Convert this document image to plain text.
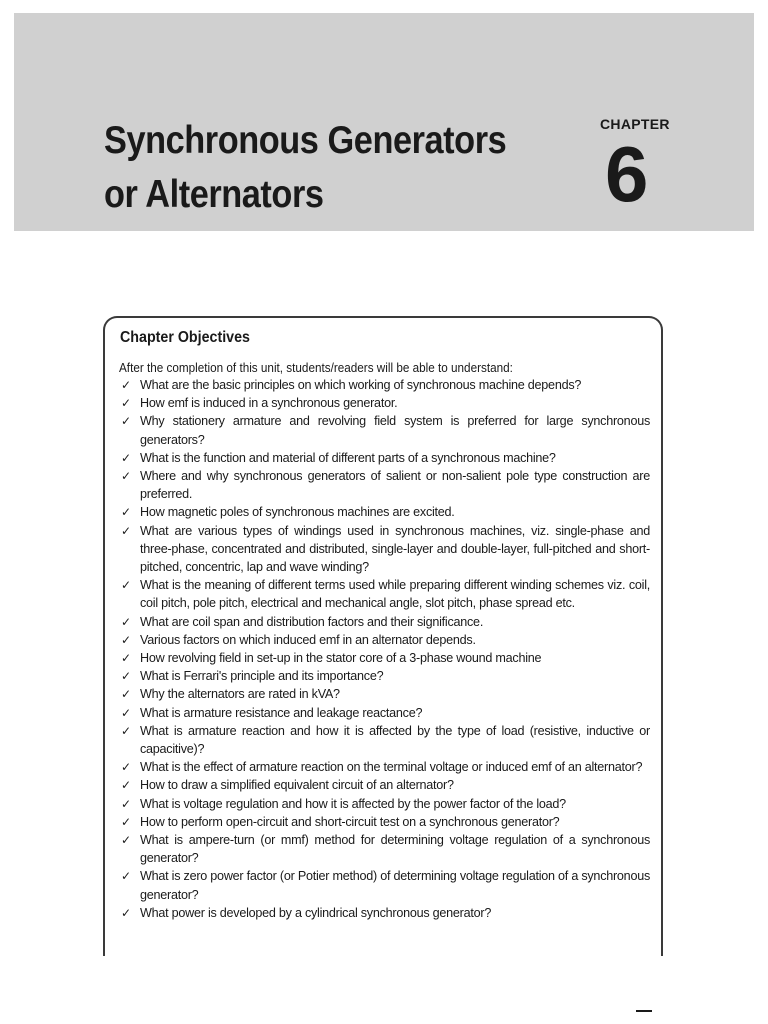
Synchronous Generators
or Alternators
CHAPTER
6
Chapter Objectives
After the completion of this unit, students/readers will be able to understand:
✓ What are the basic principles on which working of synchronous machine depends?
✓ How emf is induced in a synchronous generator.
✓ Why stationery armature and revolving field system is preferred for large synchronous generators?
✓ What is the function and material of different parts of a synchronous machine?
✓ Where and why synchronous generators of salient or non-salient pole type construction are preferred.
✓ How magnetic poles of synchronous machines are excited.
✓ What are various types of windings used in synchronous machines, viz. single-phase and three-phase, concentrated and distributed, single-layer and double-layer, full-pitched and short-pitched, concentric, lap and wave winding?
✓ What is the meaning of different terms used while preparing different winding schemes viz. coil, coil pitch, pole pitch, electrical and mechanical angle, slot pitch, phase spread etc.
✓ What are coil span and distribution factors and their significance.
✓ Various factors on which induced emf in an alternator depends.
✓ How revolving field in set-up in the stator core of a 3-phase wound machine
✓ What is Ferrari's principle and its importance?
✓ Why the alternators are rated in kVA?
✓ What is armature resistance and leakage reactance?
✓ What is armature reaction and how it is affected by the type of load (resistive, inductive or capacitive)?
✓ What is the effect of armature reaction on the terminal voltage or induced emf of an alternator?
✓ How to draw a simplified equivalent circuit of an alternator?
✓ What is voltage regulation and how it is affected by the power factor of the load?
✓ How to perform open-circuit and short-circuit test on a synchronous generator?
✓ What is ampere-turn (or mmf) method for determining voltage regulation of a synchronous generator?
✓ What is zero power factor (or Potier method) of determining voltage regulation of a synchronous generator?
✓ What power is developed by a cylindrical synchronous generator?
